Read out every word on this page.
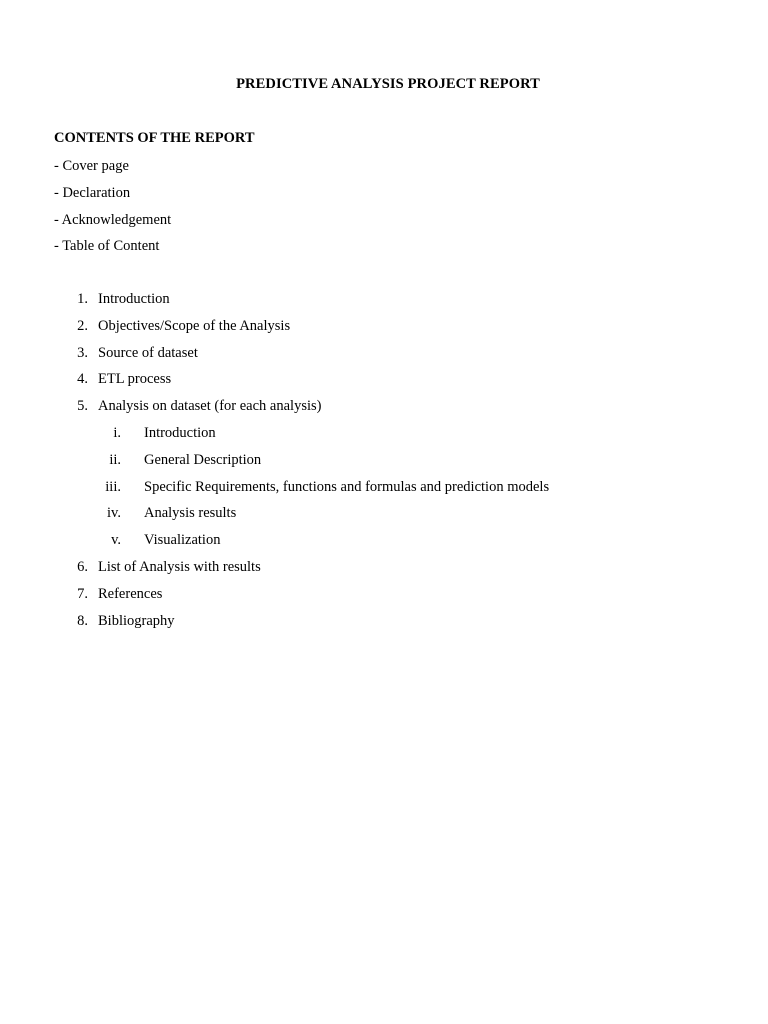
PREDICTIVE ANALYSIS PROJECT REPORT
CONTENTS OF THE REPORT
- Cover page
- Declaration
- Acknowledgement
- Table of Content
1. Introduction
2. Objectives/Scope of the Analysis
3. Source of dataset
4. ETL process
5. Analysis on dataset (for each analysis)
i. Introduction
ii. General Description
iii. Specific Requirements, functions and formulas and prediction models
iv. Analysis results
v. Visualization
6. List of Analysis with results
7. References
8. Bibliography
